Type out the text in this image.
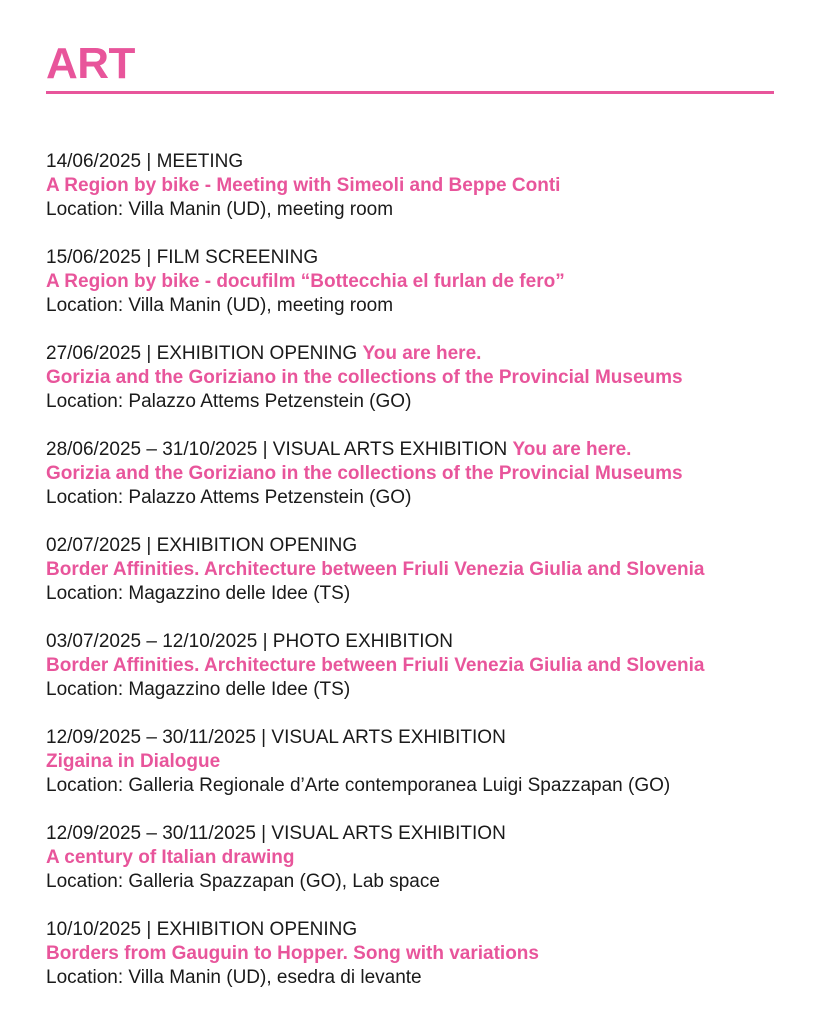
ART
14/06/2025 | MEETING
A Region by bike - Meeting with Simeoli and Beppe Conti
Location: Villa Manin (UD), meeting room
15/06/2025 | FILM SCREENING
A Region by bike - docufilm “Bottecchia el furlan de fero”
Location: Villa Manin (UD), meeting room
27/06/2025 | EXHIBITION OPENING You are here.
Gorizia and the Goriziano in the collections of the Provincial Museums
Location: Palazzo Attems Petzenstein (GO)
28/06/2025 – 31/10/2025 | VISUAL ARTS EXHIBITION You are here.
Gorizia and the Goriziano in the collections of the Provincial Museums
Location: Palazzo Attems Petzenstein (GO)
02/07/2025 | EXHIBITION OPENING
Border Affinities. Architecture between Friuli Venezia Giulia and Slovenia
Location: Magazzino delle Idee (TS)
03/07/2025 – 12/10/2025 | PHOTO EXHIBITION
Border Affinities. Architecture between Friuli Venezia Giulia and Slovenia
Location: Magazzino delle Idee (TS)
12/09/2025 – 30/11/2025 | VISUAL ARTS EXHIBITION
Zigaina in Dialogue
Location: Galleria Regionale d’Arte contemporanea Luigi Spazzapan (GO)
12/09/2025 – 30/11/2025 | VISUAL ARTS EXHIBITION
A century of Italian drawing
Location: Galleria Spazzapan (GO), Lab space
10/10/2025 | EXHIBITION OPENING
Borders from Gauguin to Hopper. Song with variations
Location: Villa Manin (UD), esedra di levante
